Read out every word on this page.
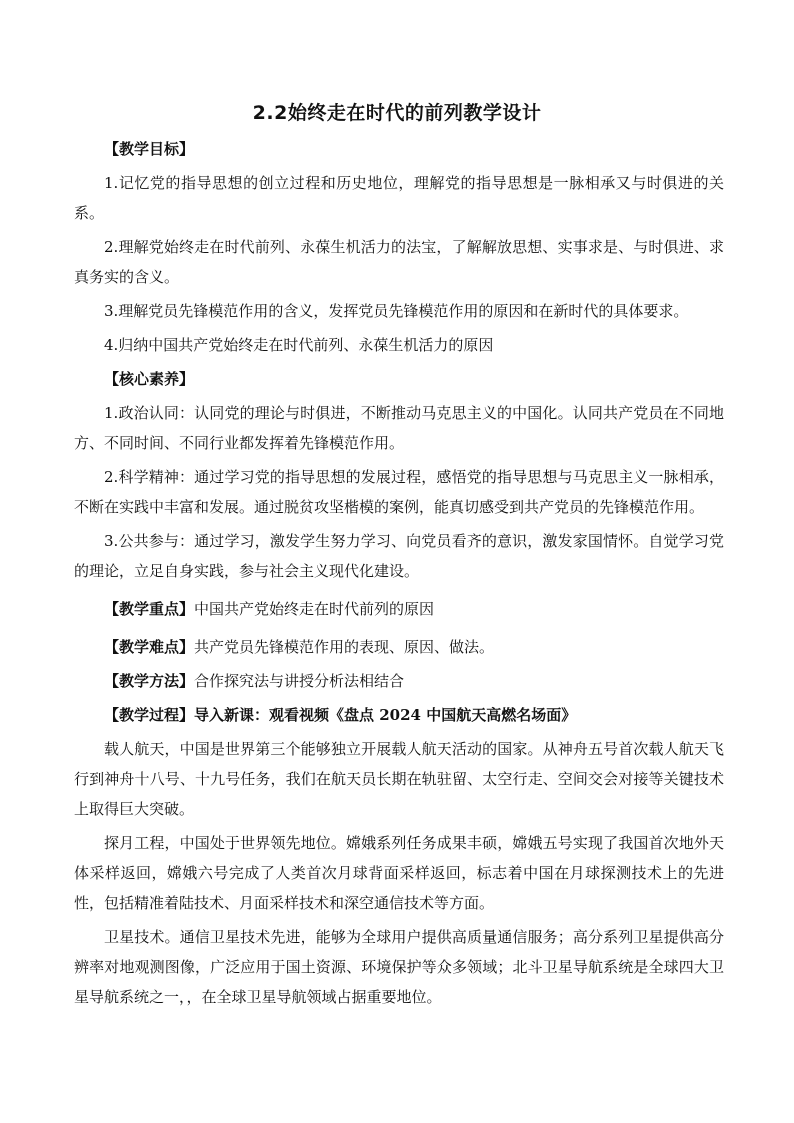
2.2始终走在时代的前列教学设计

【教学目标】

1.记忆党的指导思想的创立过程和历史地位，理解党的指导思想是一脉相承又与时俱进的关系。

2.理解党始终走在时代前列、永葆生机活力的法宝，了解解放思想、实事求是、与时俱进、求真务实的含义。

3.理解党员先锋模范作用的含义，发挥党员先锋模范作用的原因和在新时代的具体要求。

4.归纳中国共产党始终走在时代前列、永葆生机活力的原因

【核心素养】

1.政治认同：认同党的理论与时俱进，不断推动马克思主义的中国化。认同共产党员在不同地方、不同时间、不同行业都发挥着先锋模范作用。

2.科学精神：通过学习党的指导思想的发展过程，感悟党的指导思想与马克思主义一脉相承，不断在实践中丰富和发展。通过脱贫攻坚楷模的案例，能真切感受到共产党员的先锋模范作用。

3.公共参与：通过学习，激发学生努力学习、向党员看齐的意识，激发家国情怀。自觉学习党的理论，立足自身实践，参与社会主义现代化建设。

【教学重点】中国共产党始终走在时代前列的原因

【教学难点】共产党员先锋模范作用的表现、原因、做法。

【教学方法】合作探究法与讲授分析法相结合

【教学过程】导入新课：观看视频《盘点 2024 中国航天高燃名场面》

载人航天，中国是世界第三个能够独立开展载人航天活动的国家。从神舟五号首次载人航天飞行到神舟十八号、十九号任务，我们在航天员长期在轨驻留、太空行走、空间交会对接等关键技术上取得巨大突破。

探月工程，中国处于世界领先地位。嫦娥系列任务成果丰硕，嫦娥五号实现了我国首次地外天体采样返回，嫦娥六号完成了人类首次月球背面采样返回，标志着中国在月球探测技术上的先进性，包括精准着陆技术、月面采样技术和深空通信技术等方面。

卫星技术。通信卫星技术先进，能够为全球用户提供高质量通信服务；高分系列卫星提供高分辨率对地观测图像，广泛应用于国土资源、环境保护等众多领域；北斗卫星导航系统是全球四大卫星导航系统之一，，在全球卫星导航领域占据重要地位。
